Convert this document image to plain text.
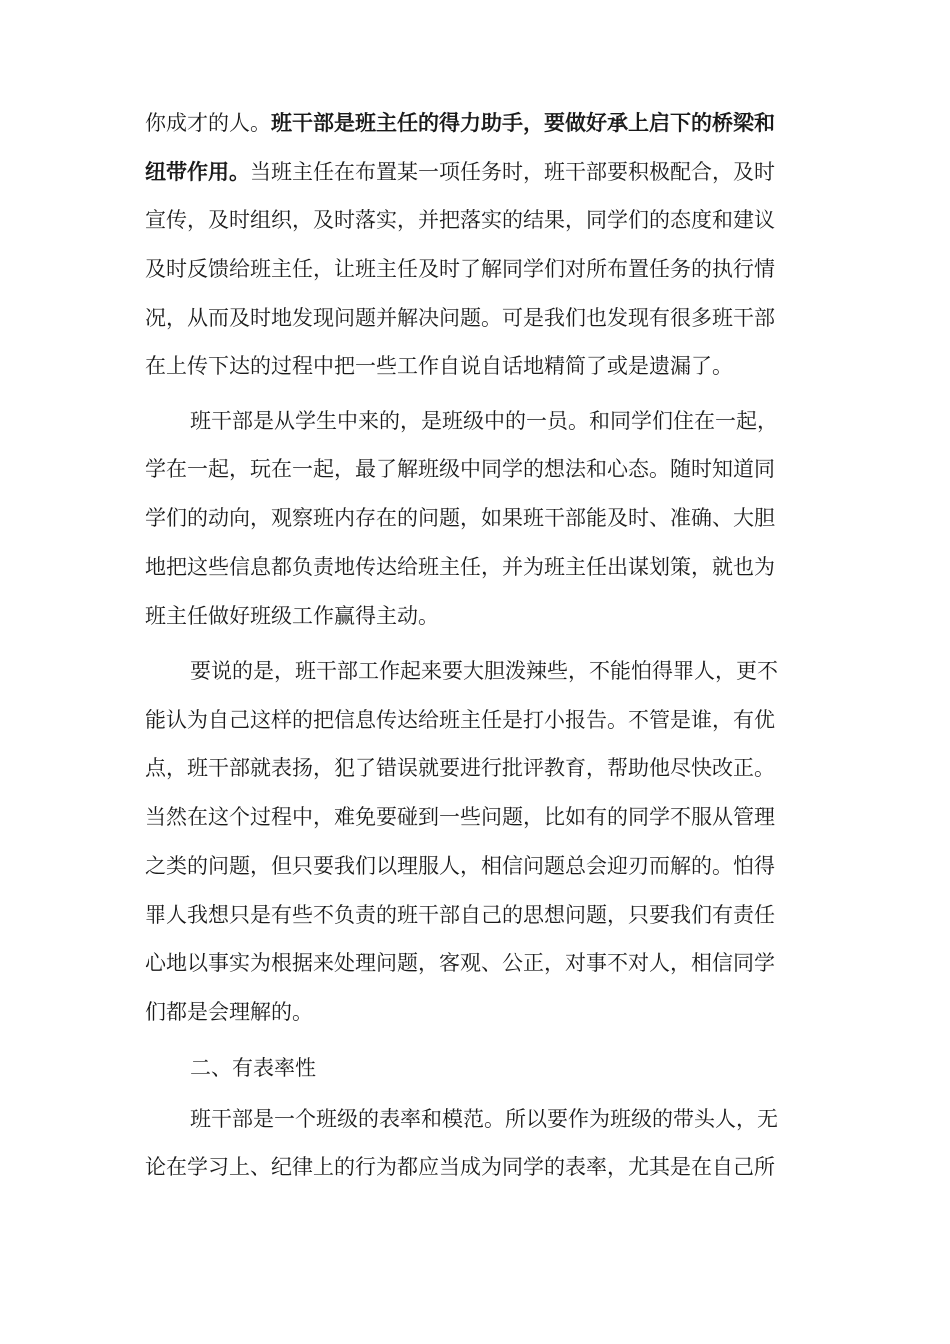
你成才的人。班干部是班主任的得力助手，要做好承上启下的桥梁和
纽带作用。当班主任在布置某一项任务时，班干部要积极配合，及时
宣传，及时组织，及时落实，并把落实的结果，同学们的态度和建议
及时反馈给班主任，让班主任及时了解同学们对所布置任务的执行情
况，从而及时地发现问题并解决问题。可是我们也发现有很多班干部
在上传下达的过程中把一些工作自说自话地精简了或是遗漏了。
班干部是从学生中来的，是班级中的一员。和同学们住在一起，
学在一起，玩在一起，最了解班级中同学的想法和心态。随时知道同
学们的动向，观察班内存在的问题，如果班干部能及时、准确、大胆
地把这些信息都负责地传达给班主任，并为班主任出谋划策，就也为
班主任做好班级工作赢得主动。
要说的是，班干部工作起来要大胆泼辣些，不能怕得罪人，更不
能认为自己这样的把信息传达给班主任是打小报告。不管是谁，有优
点，班干部就表扬，犯了错误就要进行批评教育，帮助他尽快改正。
当然在这个过程中，难免要碰到一些问题，比如有的同学不服从管理
之类的问题，但只要我们以理服人，相信问题总会迎刃而解的。怕得
罪人我想只是有些不负责的班干部自己的思想问题，只要我们有责任
心地以事实为根据来处理问题，客观、公正，对事不对人，相信同学
们都是会理解的。
二、有表率性
班干部是一个班级的表率和模范。所以要作为班级的带头人，无
论在学习上、纪律上的行为都应当成为同学的表率，尤其是在自己所
